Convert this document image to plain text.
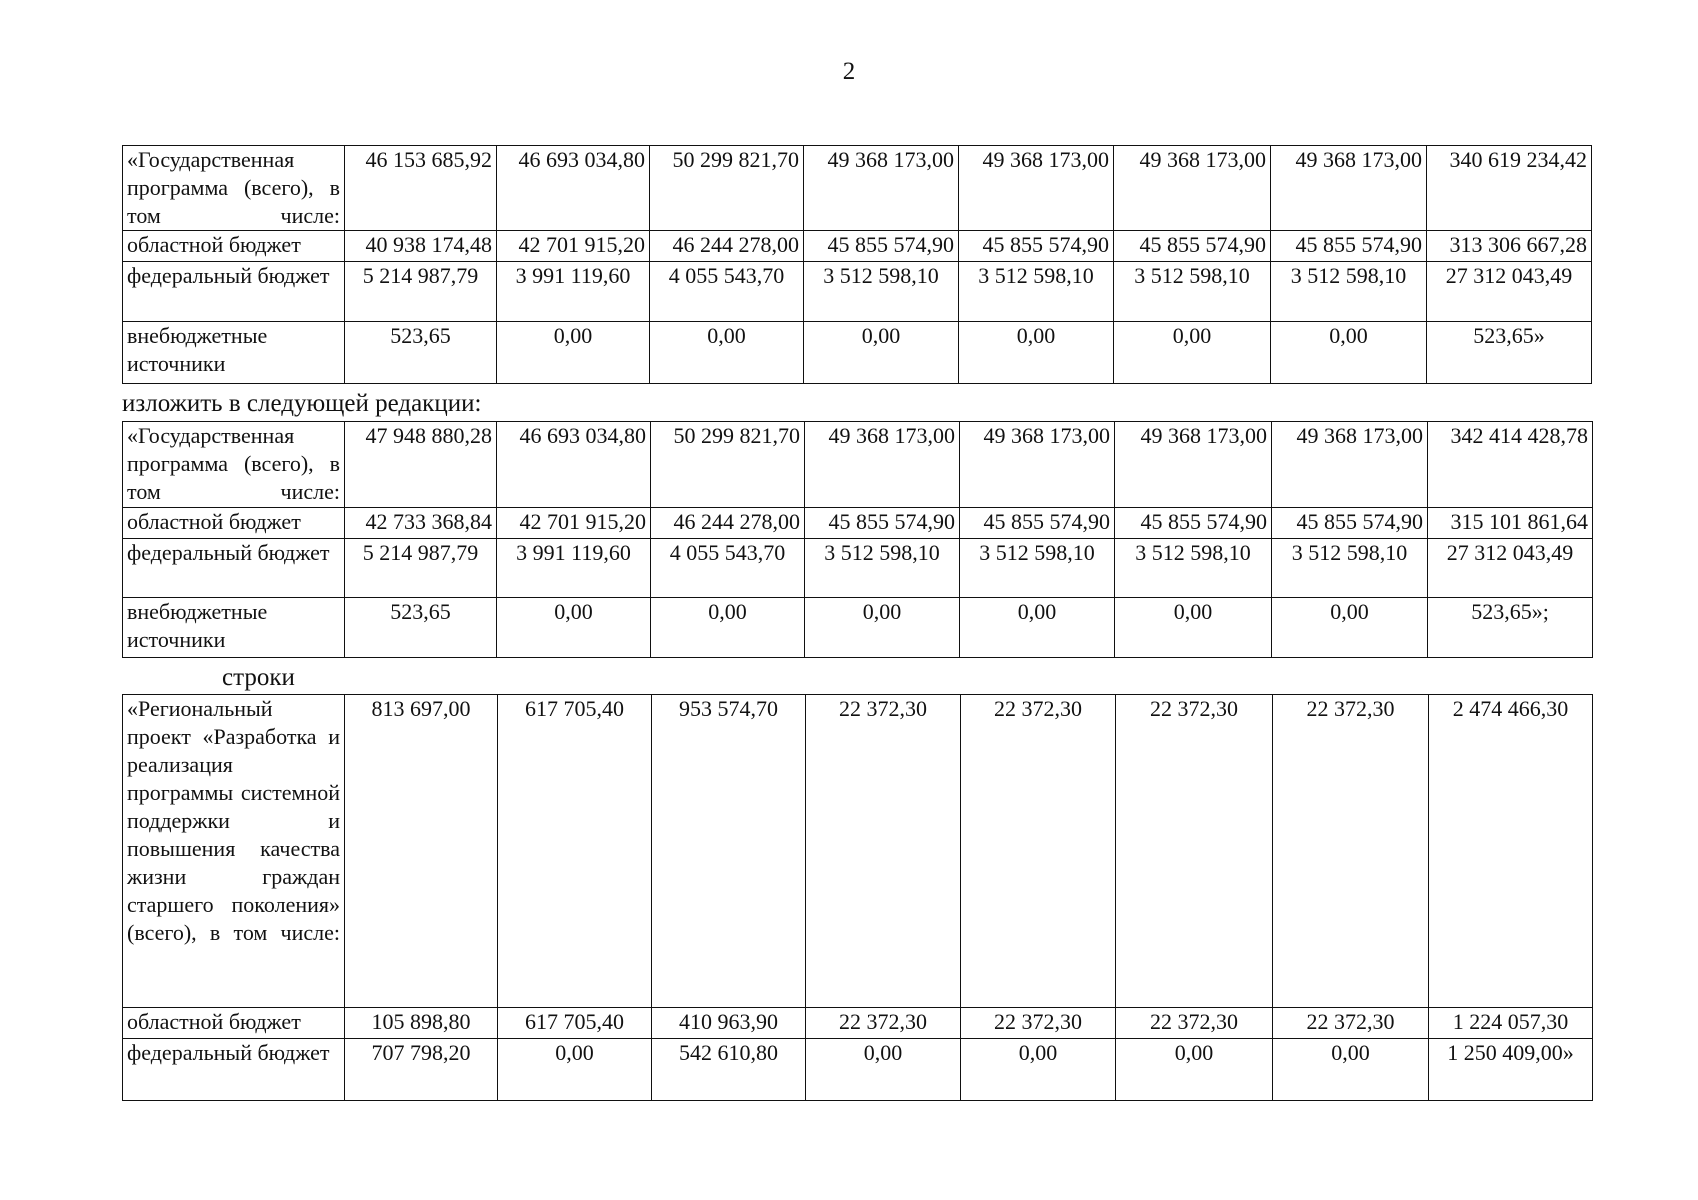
2
«Государственная программа (всего), в том числе:	46 153 685,92	46 693 034,80	50 299 821,70	49 368 173,00	49 368 173,00	49 368 173,00	49 368 173,00	340 619 234,42
областной бюджет	40 938 174,48	42 701 915,20	46 244 278,00	45 855 574,90	45 855 574,90	45 855 574,90	45 855 574,90	313 306 667,28
федеральный бюджет	5 214 987,79	3 991 119,60	4 055 543,70	3 512 598,10	3 512 598,10	3 512 598,10	3 512 598,10	27 312 043,49
внебюджетные источники	523,65	0,00	0,00	0,00	0,00	0,00	0,00	523,65»
изложить в следующей редакции:
«Государственная программа (всего), в том числе:	47 948 880,28	46 693 034,80	50 299 821,70	49 368 173,00	49 368 173,00	49 368 173,00	49 368 173,00	342 414 428,78
областной бюджет	42 733 368,84	42 701 915,20	46 244 278,00	45 855 574,90	45 855 574,90	45 855 574,90	45 855 574,90	315 101 861,64
федеральный бюджет	5 214 987,79	3 991 119,60	4 055 543,70	3 512 598,10	3 512 598,10	3 512 598,10	3 512 598,10	27 312 043,49
внебюджетные источники	523,65	0,00	0,00	0,00	0,00	0,00	0,00	523,65»;
строки
«Региональный проект «Разработка и реализация программы системной поддержки и повышения качества жизни граждан старшего поколения» (всего), в том числе:	813 697,00	617 705,40	953 574,70	22 372,30	22 372,30	22 372,30	22 372,30	2 474 466,30
областной бюджет	105 898,80	617 705,40	410 963,90	22 372,30	22 372,30	22 372,30	22 372,30	1 224 057,30
федеральный бюджет	707 798,20	0,00	542 610,80	0,00	0,00	0,00	0,00	1 250 409,00»
